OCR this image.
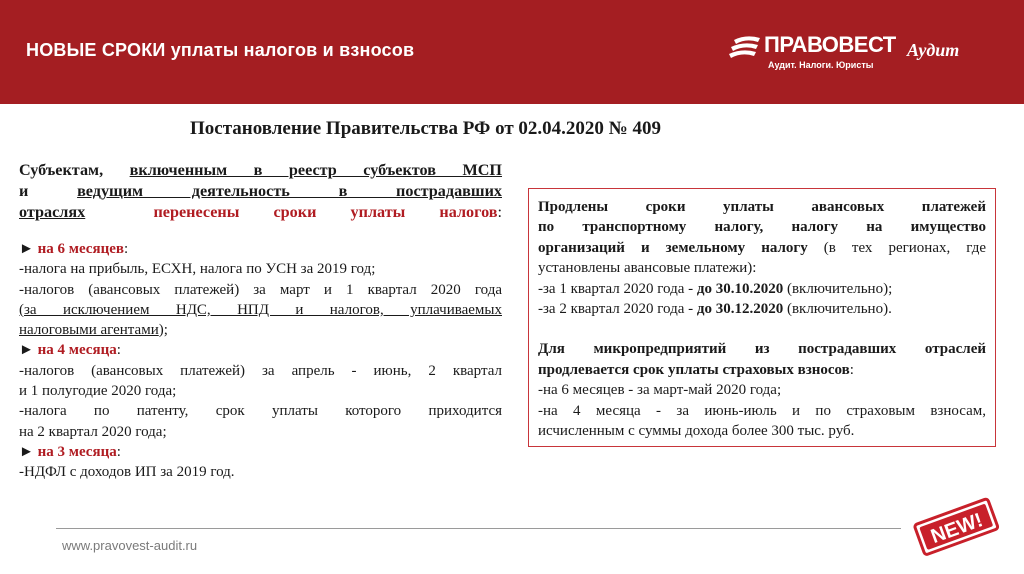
НОВЫЕ СРОКИ уплаты налогов и взносов	ПРАВОВЕСТ Аудит
Аудит. Налоги. Юристы
Постановление Правительства РФ от 02.04.2020 № 409
Субъектам, включенным в реестр субъектов МСП
и	ведущим деятельность в пострадавших
отраслях	перенесены сроки уплаты налогов:
► на 6 месяцев:
-налога на прибыль, ЕСХН, налога по УСН за 2019 год;
-налогов (авансовых платежей) за март и 1 квартал 2020 года
(за исключением НДС, НПД и налогов, уплачиваемых
налоговыми агентами);
► на 4 месяца:
-налогов (авансовых платежей) за апрель - июнь, 2 квартал
и 1 полугодие 2020 года;
-налога по патенту, срок уплаты которого приходится
на 2 квартал 2020 года;
► на 3 месяца:
-НДФЛ с доходов ИП за 2019 год.
Продлены сроки уплаты авансовых платежей
по транспортному налогу, налогу на имущество
организаций и земельному налогу (в тех регионах, где
установлены авансовые платежи):
-за 1 квартал 2020 года - до 30.10.2020 (включительно);
-за 2 квартал 2020 года - до 30.12.2020 (включительно).
Для микропредприятий из пострадавших отраслей
продлевается срок уплаты страховых взносов:
-на 6 месяцев - за март-май 2020 года;
-на 4 месяца - за июнь-июль и по страховым взносам,
исчисленным с суммы дохода более 300 тыс. руб.
www.pravovest-audit.ru	NEW!
